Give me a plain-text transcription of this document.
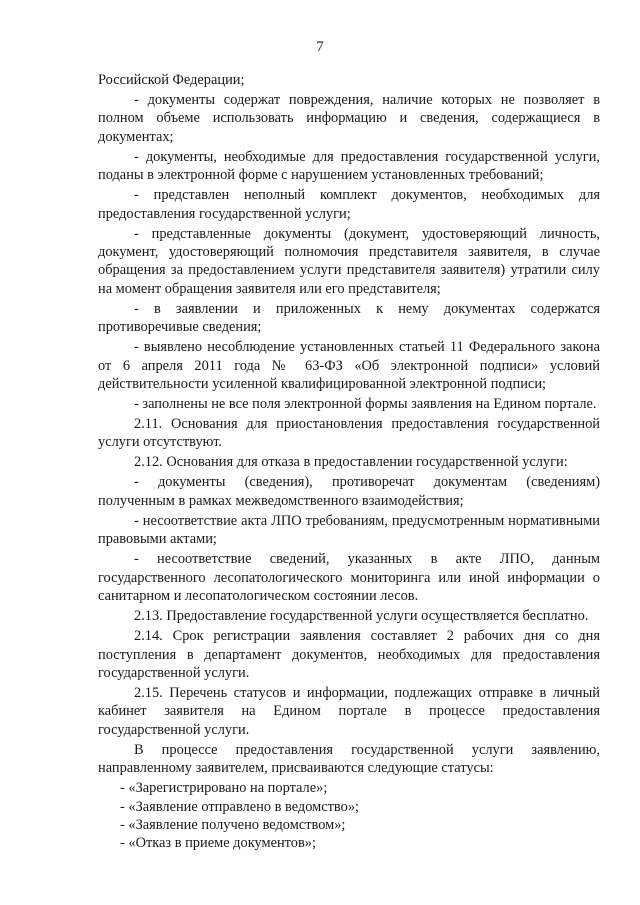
7

Российской Федерации;

- документы содержат повреждения, наличие которых не позволяет в полном объеме использовать информацию и сведения, содержащиеся в документах;

- документы, необходимые для предоставления государственной услуги, поданы в электронной форме с нарушением установленных требований;

- представлен неполный комплект документов, необходимых для предоставления государственной услуги;

- представленные документы (документ, удостоверяющий личность, документ, удостоверяющий полномочия представителя заявителя, в случае обращения за предоставлением услуги представителя заявителя) утратили силу на момент обращения заявителя или его представителя;

- в заявлении и приложенных к нему документах содержатся противоречивые сведения;

- выявлено несоблюдение установленных статьей 11 Федерального закона от 6 апреля 2011 года № 63-ФЗ «Об электронной подписи» условий действительности усиленной квалифицированной электронной подписи;

- заполнены не все поля электронной формы заявления на Едином портале.

2.11. Основания для приостановления предоставления государственной услуги отсутствуют.

2.12. Основания для отказа в предоставлении государственной услуги:

- документы (сведения), противоречат документам (сведениям) полученным в рамках межведомственного взаимодействия;

- несоответствие акта ЛПО требованиям, предусмотренным нормативными правовыми актами;

- несоответствие сведений, указанных в акте ЛПО, данным государственного лесопатологического мониторинга или иной информации о санитарном и лесопатологическом состоянии лесов.

2.13. Предоставление государственной услуги осуществляется бесплатно.

2.14. Срок регистрации заявления составляет 2 рабочих дня со дня поступления в департамент документов, необходимых для предоставления государственной услуги.

2.15. Перечень статусов и информации, подлежащих отправке в личный кабинет заявителя на Едином портале в процессе предоставления государственной услуги.

В процессе предоставления государственной услуги заявлению, направленному заявителем, присваиваются следующие статусы:

- «Зарегистрировано на портале»;

- «Заявление отправлено в ведомство»;

- «Заявление получено ведомством»;

- «Отказ в приеме документов»;
